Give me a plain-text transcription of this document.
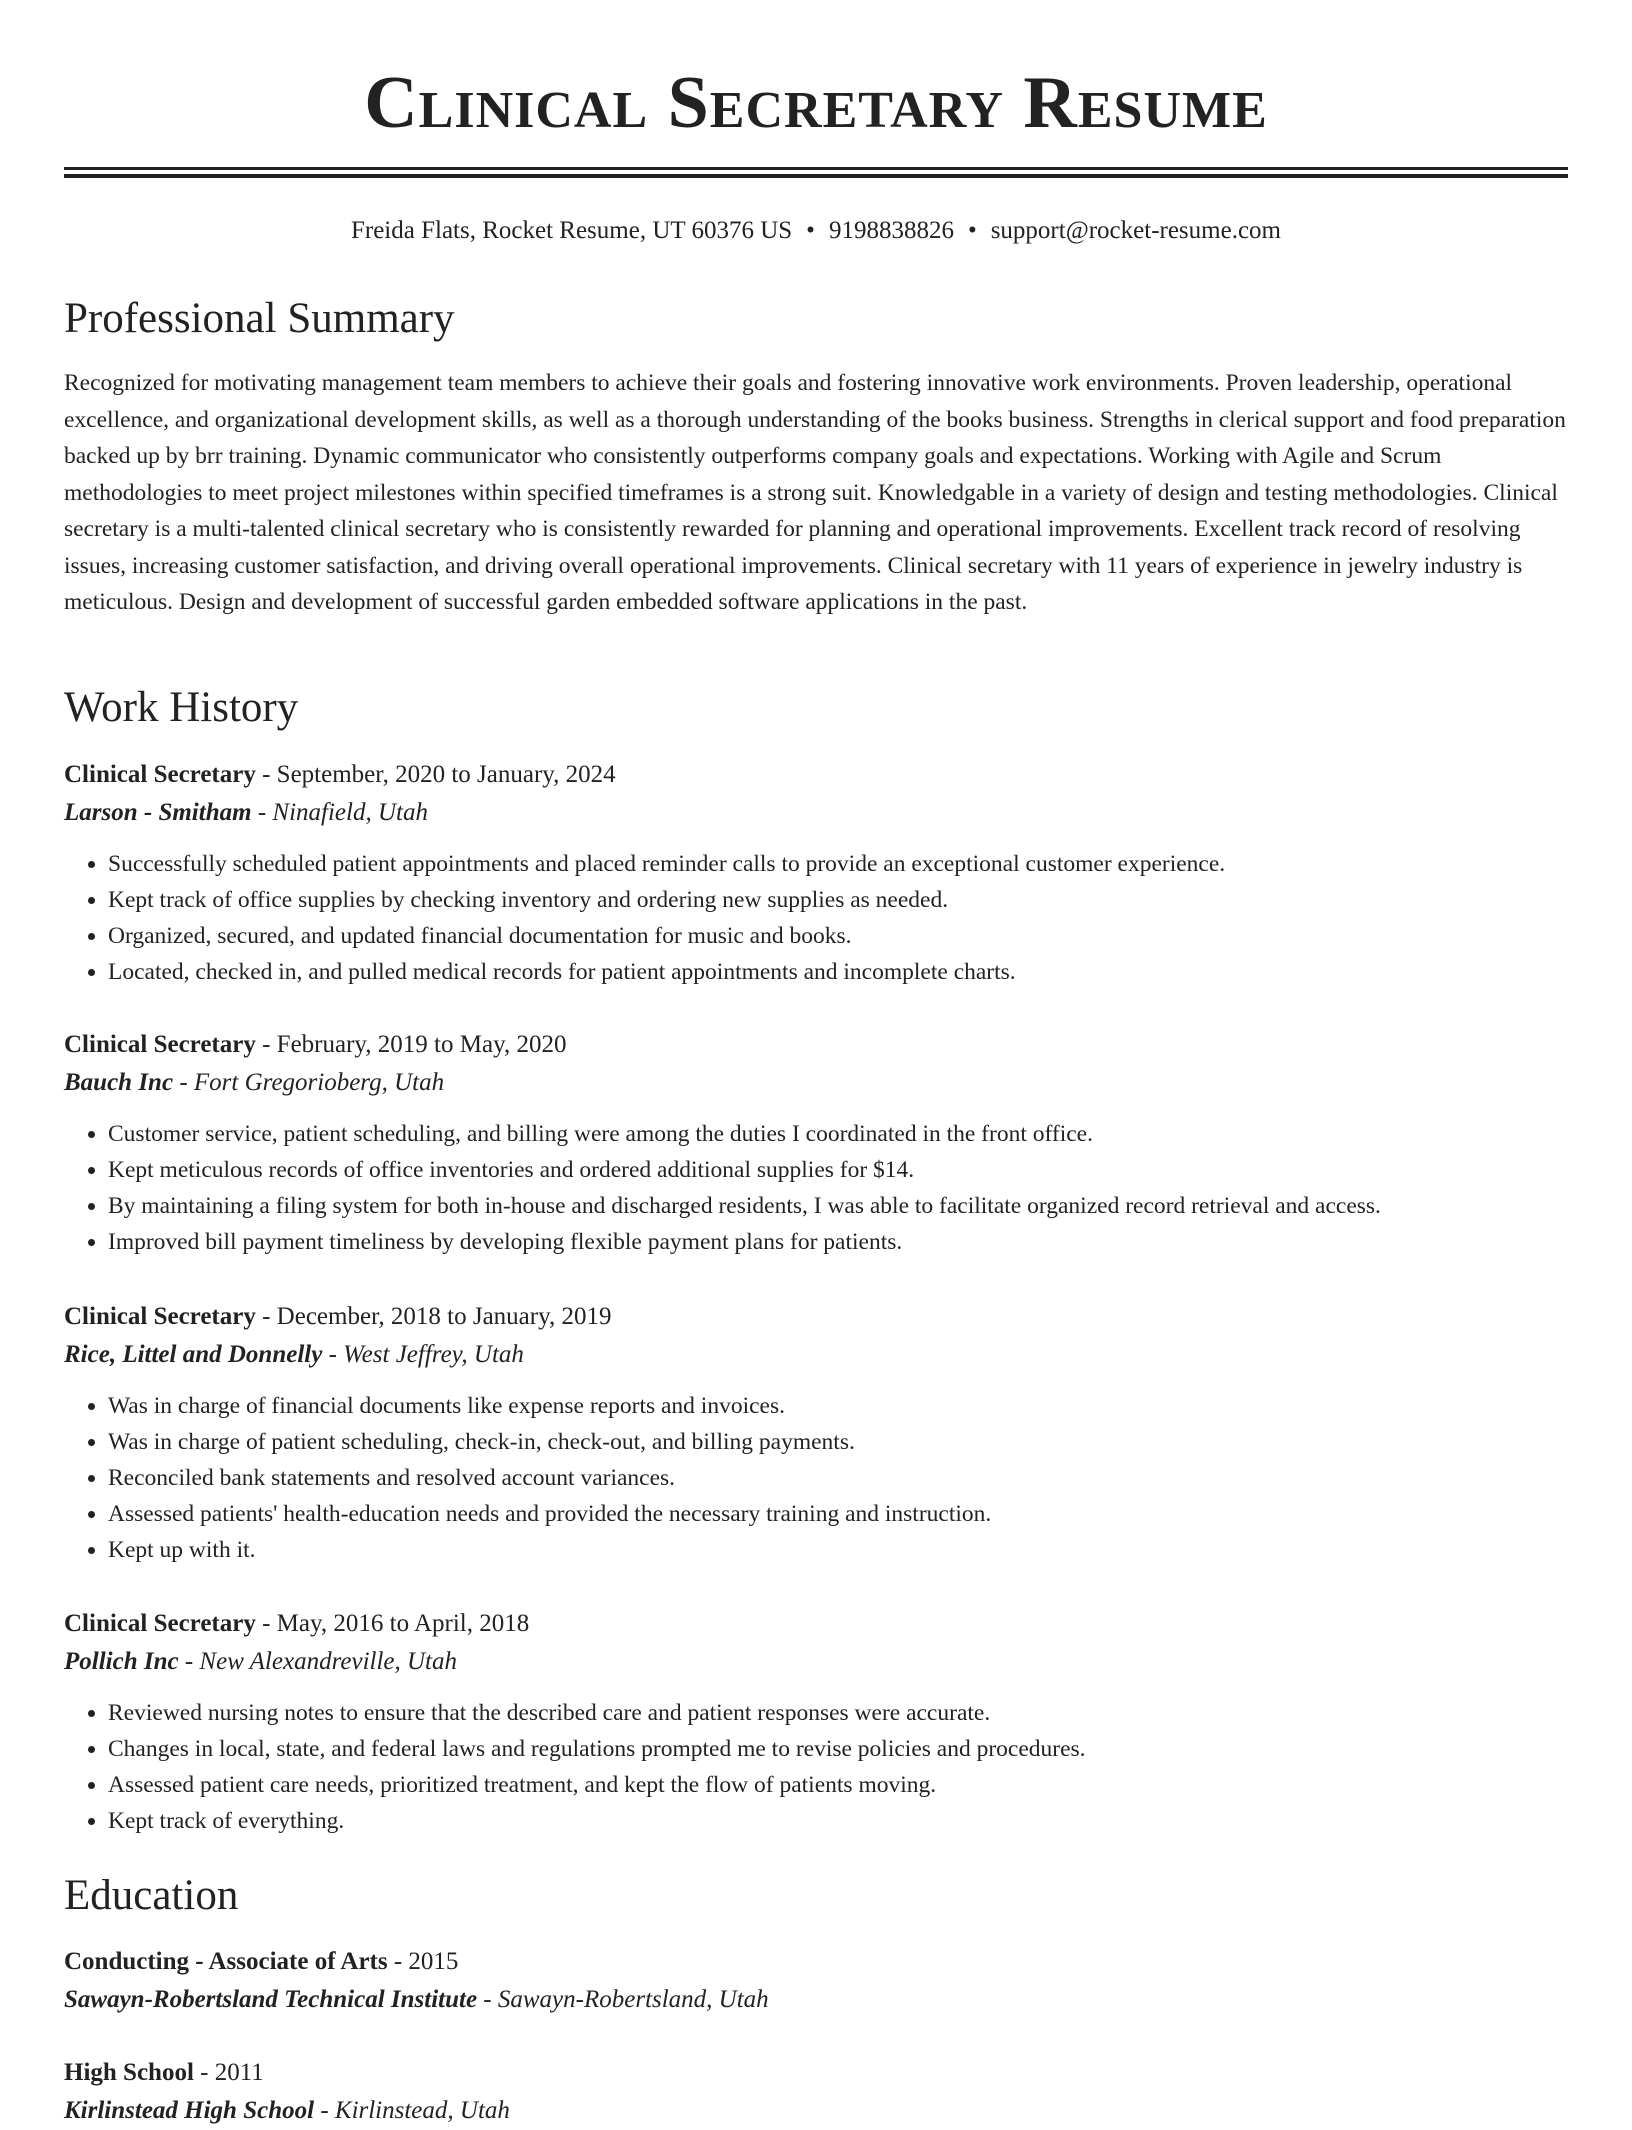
Clinical Secretary Resume
Freida Flats, Rocket Resume, UT 60376 US • 9198838826 • support@rocket-resume.com
Professional Summary

Recognized for motivating management team members to achieve their goals and fostering innovative work environments. Proven leadership, operational excellence, and organizational development skills, as well as a thorough understanding of the books business. Strengths in clerical support and food preparation backed up by brr training. Dynamic communicator who consistently outperforms company goals and expectations. Working with Agile and Scrum methodologies to meet project milestones within specified timeframes is a strong suit. Knowledgable in a variety of design and testing methodologies. Clinical secretary is a multi-talented clinical secretary who is consistently rewarded for planning and operational improvements. Excellent track record of resolving issues, increasing customer satisfaction, and driving overall operational improvements. Clinical secretary with 11 years of experience in jewelry industry is meticulous. Design and development of successful garden embedded software applications in the past.

Work History
Clinical Secretary - September, 2020 to January, 2024
Larson - Smitham - Ninafield, Utah
• Successfully scheduled patient appointments and placed reminder calls to provide an exceptional customer experience.
• Kept track of office supplies by checking inventory and ordering new supplies as needed.
• Organized, secured, and updated financial documentation for music and books.
• Located, checked in, and pulled medical records for patient appointments and incomplete charts.
Clinical Secretary - February, 2019 to May, 2020
Bauch Inc - Fort Gregorioberg, Utah
• Customer service, patient scheduling, and billing were among the duties I coordinated in the front office.
• Kept meticulous records of office inventories and ordered additional supplies for $14.
• By maintaining a filing system for both in-house and discharged residents, I was able to facilitate organized record retrieval and access.
• Improved bill payment timeliness by developing flexible payment plans for patients.
Clinical Secretary - December, 2018 to January, 2019
Rice, Littel and Donnelly - West Jeffrey, Utah
• Was in charge of financial documents like expense reports and invoices.
• Was in charge of patient scheduling, check-in, check-out, and billing payments.
• Reconciled bank statements and resolved account variances.
• Assessed patients' health-education needs and provided the necessary training and instruction.
• Kept up with it.
Clinical Secretary - May, 2016 to April, 2018
Pollich Inc - New Alexandreville, Utah
• Reviewed nursing notes to ensure that the described care and patient responses were accurate.
• Changes in local, state, and federal laws and regulations prompted me to revise policies and procedures.
• Assessed patient care needs, prioritized treatment, and kept the flow of patients moving.
• Kept track of everything.
Education
Conducting - Associate of Arts - 2015
Sawayn-Robertsland Technical Institute - Sawayn-Robertsland, Utah
High School - 2011
Kirlinstead High School - Kirlinstead, Utah
